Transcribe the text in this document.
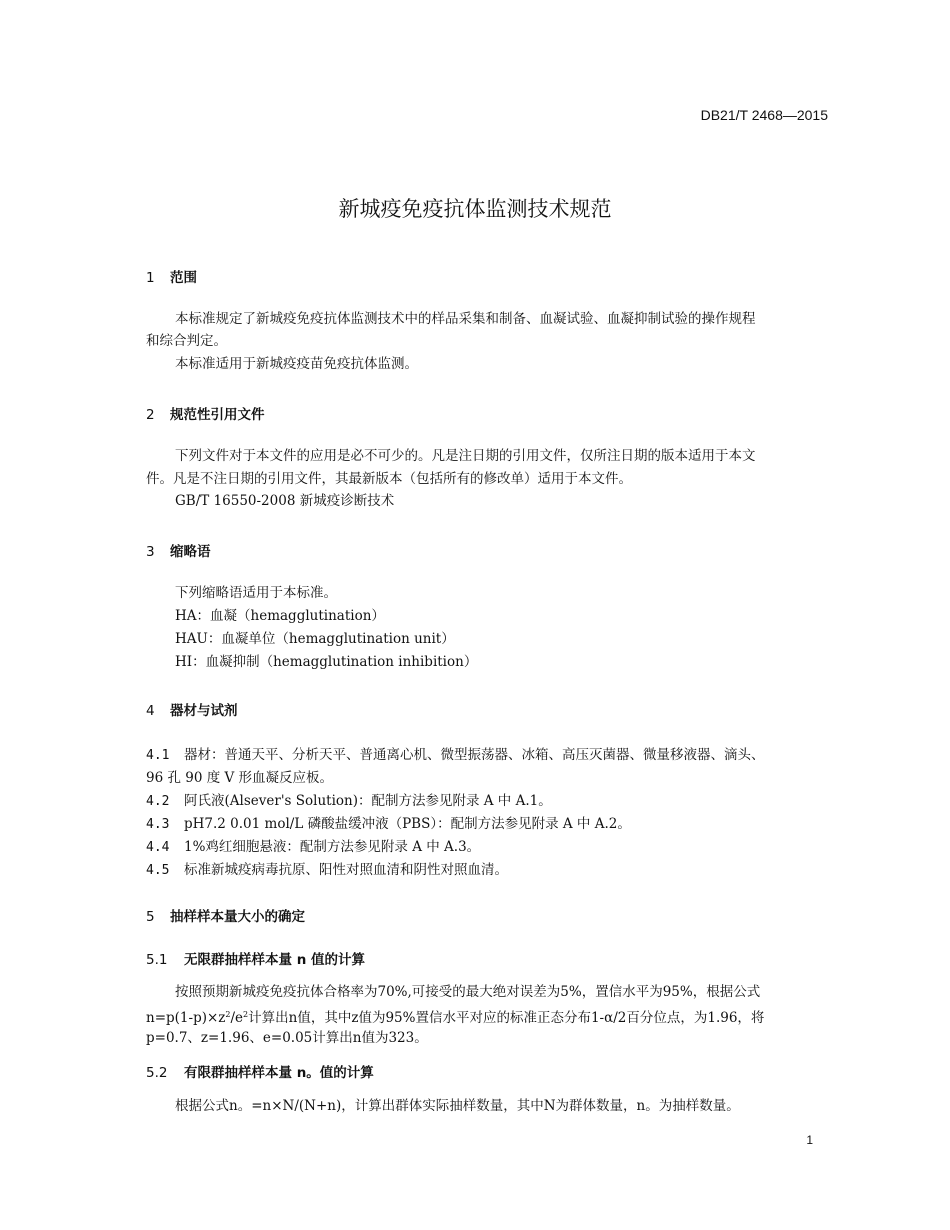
DB21/T 2468—2015
新城疫免疫抗体监测技术规范
1 范围
本标准规定了新城疫免疫抗体监测技术中的样品采集和制备、血凝试验、血凝抑制试验的操作规程
和综合判定。
本标准适用于新城疫疫苗免疫抗体监测。
2 规范性引用文件
下列文件对于本文件的应用是必不可少的。凡是注日期的引用文件，仅所注日期的版本适用于本文
件。凡是不注日期的引用文件，其最新版本（包括所有的修改单）适用于本文件。
GB/T 16550-2008 新城疫诊断技术
3 缩略语
下列缩略语适用于本标准。
HA：血凝（hemagglutination）
HAU：血凝单位（hemagglutination unit）
HI：血凝抑制（hemagglutination inhibition）
4 器材与试剂
4.1 器材：普通天平、分析天平、普通离心机、微型振荡器、冰箱、高压灭菌器、微量移液器、滴头、
96 孔 90 度 V 形血凝反应板。
4.2 阿氏液(Alsever's Solution)：配制方法参见附录 A 中 A.1。
4.3 pH7.2 0.01 mol/L 磷酸盐缓冲液（PBS）：配制方法参见附录 A 中 A.2。
4.4 1%鸡红细胞悬液：配制方法参见附录 A 中 A.3。
4.5 标准新城疫病毒抗原、阳性对照血清和阴性对照血清。
5 抽样样本量大小的确定
5.1 无限群抽样样本量 n 值的计算
按照预期新城疫免疫抗体合格率为70%,可接受的最大绝对误差为5%，置信水平为95%，根据公式
$n=p(1-p)\times z^2/e^2$计算出n值，其中z值为95%置信水平对应的标准正态分布1-α/2百分位点，为1.96，将
p=0.7、z=1.96、e=0.05计算出n值为323。
5.2 有限群抽样样本量 n。值的计算
根据公式n。=n×N/(N+n)，计算出群体实际抽样数量，其中N为群体数量，n。为抽样数量。
1
